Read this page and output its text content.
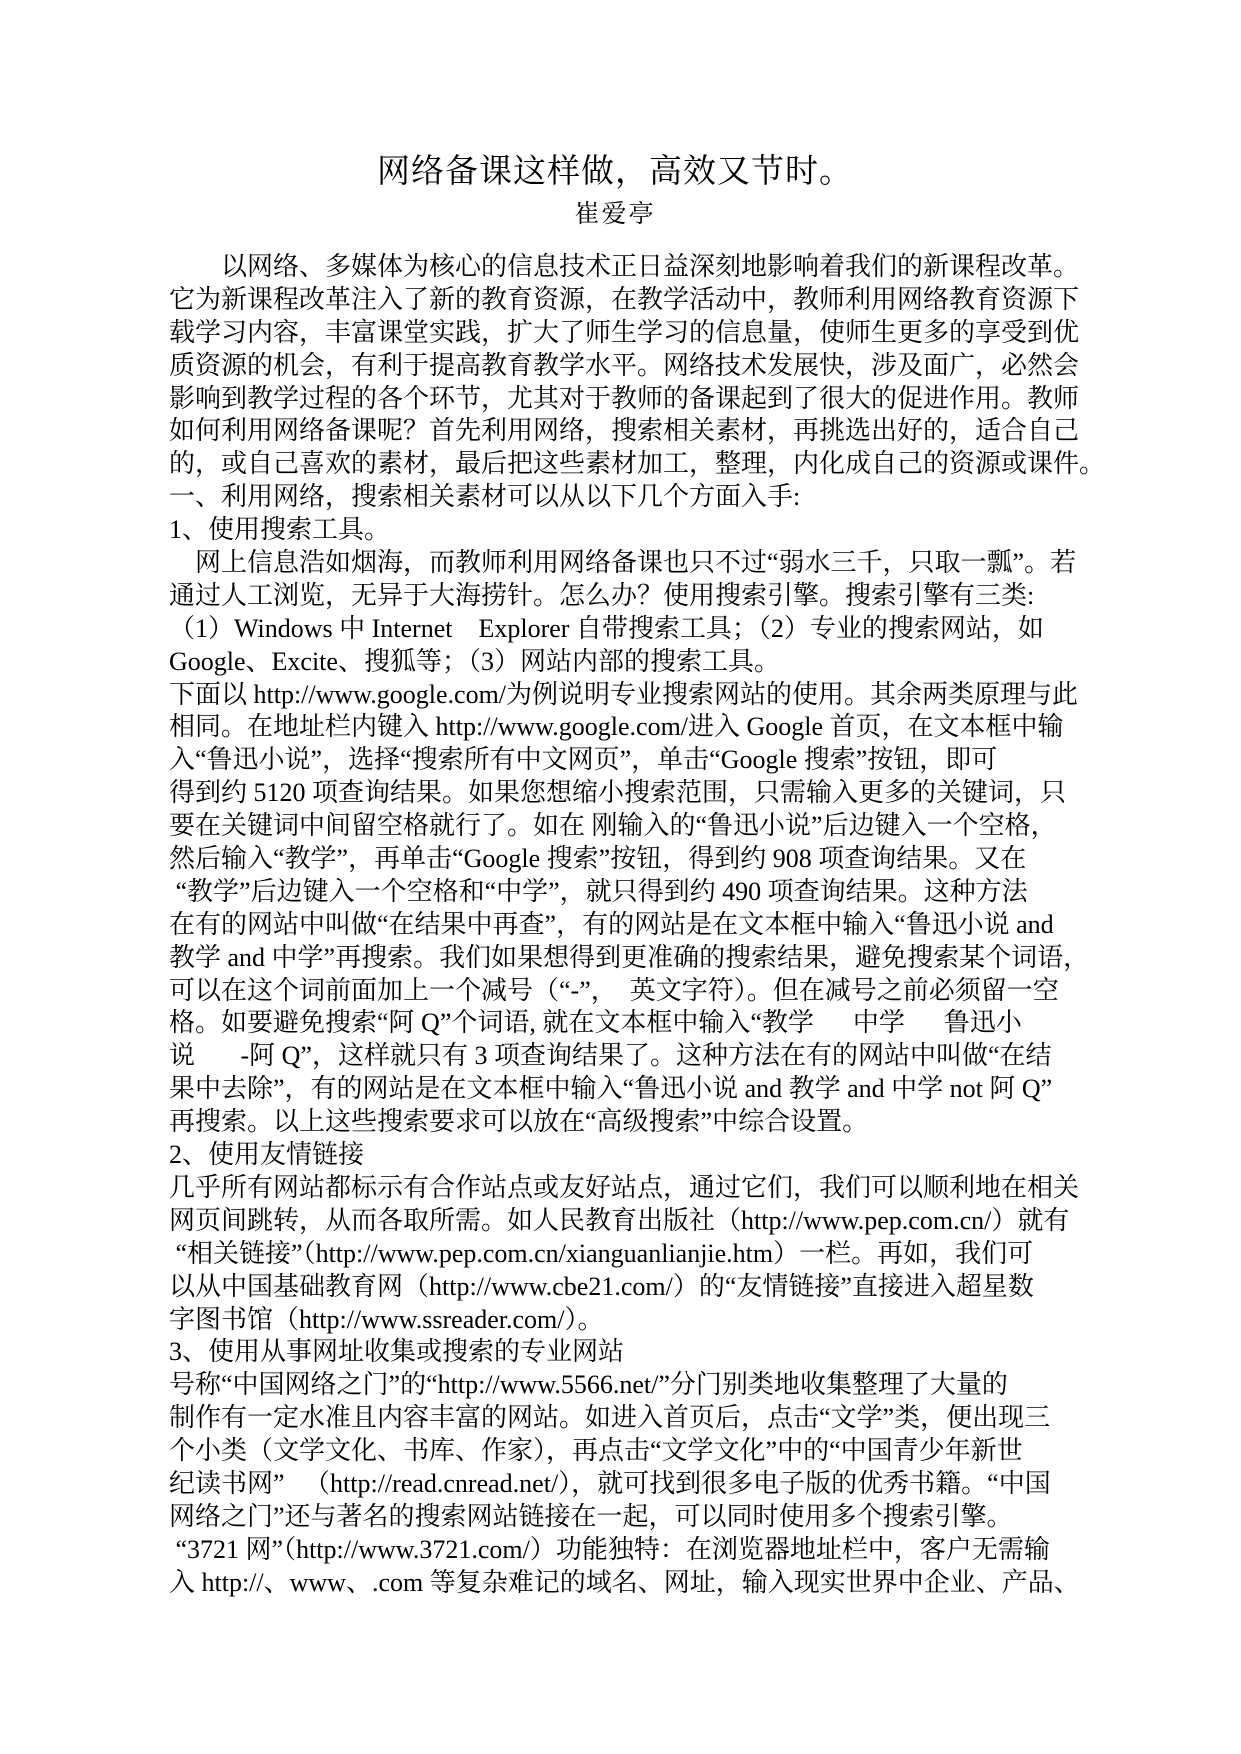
网络备课这样做，高效又节时。
崔爱亭
　　以网络、多媒体为核心的信息技术正日益深刻地影响着我们的新课程改革。
它为新课程改革注入了新的教育资源，在教学活动中，教师利用网络教育资源下
载学习内容，丰富课堂实践，扩大了师生学习的信息量，使师生更多的享受到优
质资源的机会，有利于提高教育教学水平。网络技术发展快，涉及面广，必然会
影响到教学过程的各个环节，尤其对于教师的备课起到了很大的促进作用。教师
如何利用网络备课呢？首先利用网络，搜索相关素材，再挑选出好的，适合自己
的，或自己喜欢的素材，最后把这些素材加工，整理，内化成自己的资源或课件。
一、利用网络，搜索相关素材可以从以下几个方面入手:
1、使用搜索工具。
　网上信息浩如烟海，而教师利用网络备课也只不过“弱水三千，只取一瓢”。若
通过人工浏览，无异于大海捞针。怎么办？使用搜索引擎。搜索引擎有三类:
（1）Windows 中 Internet    Explorer 自带搜索工具；（2）专业的搜索网站，如
Google、Excite、搜狐等；（3）网站内部的搜索工具。
下面以 http://www.google.com/为例说明专业搜索网站的使用。其余两类原理与此
相同。在地址栏内键入 http://www.google.com/进入 Google 首页，在文本框中输
入“鲁迅小说”，选择“搜索所有中文网页”，单击“Google 搜索”按钮，即可
得到约 5120 项查询结果。如果您想缩小搜索范围，只需输入更多的关键词，只
要在关键词中间留空格就行了。如在 刚输入的“鲁迅小说”后边键入一个空格，
然后输入“教学”，再单击“Google 搜索”按钮，得到约 908 项查询结果。又在
“教学”后边键入一个空格和“中学”，就只得到约 490 项查询结果。这种方法
在有的网站中叫做“在结果中再查”，有的网站是在文本框中输入“鲁迅小说 and
教学 and 中学”再搜索。我们如果想得到更准确的搜索结果，避免搜索某个词语，
可以在这个词前面加上一个减号（“-”，  英文字符）。但在减号之前必须留一空
格。如要避免搜索“阿 Q”个词语, 就在文本框中输入“教学      中学      鲁迅小
说       -阿 Q”，这样就只有 3 项查询结果了。这种方法在有的网站中叫做“在结
果中去除”，有的网站是在文本框中输入“鲁迅小说 and 教学 and 中学 not 阿 Q”
再搜索。以上这些搜索要求可以放在“高级搜索”中综合设置。
2、使用友情链接
几乎所有网站都标示有合作站点或友好站点，通过它们，我们可以顺利地在相关
网页间跳转，从而各取所需。如人民教育出版社（http://www.pep.com.cn/）就有
“相关链接”（http://www.pep.com.cn/xianguanlianjie.htm）一栏。再如，我们可
以从中国基础教育网（http://www.cbe21.com/）的“友情链接”直接进入超星数
字图书馆（http://www.ssreader.com/）。
3、使用从事网址收集或搜索的专业网站
号称“中国网络之门”的“http://www.5566.net/”分门别类地收集整理了大量的
制作有一定水准且内容丰富的网站。如进入首页后，点击“文学”类，便出现三
个小类（文学文化、书库、作家），再点击“文学文化”中的“中国青少年新世
纪读书网”   （http://read.cnread.net/），就可找到很多电子版的优秀书籍。“中国
网络之门”还与著名的搜索网站链接在一起，可以同时使用多个搜索引擎。
“3721 网”（http://www.3721.com/）功能独特：在浏览器地址栏中，客户无需输
入 http://、www、.com 等复杂难记的域名、网址，输入现实世界中企业、产品、
